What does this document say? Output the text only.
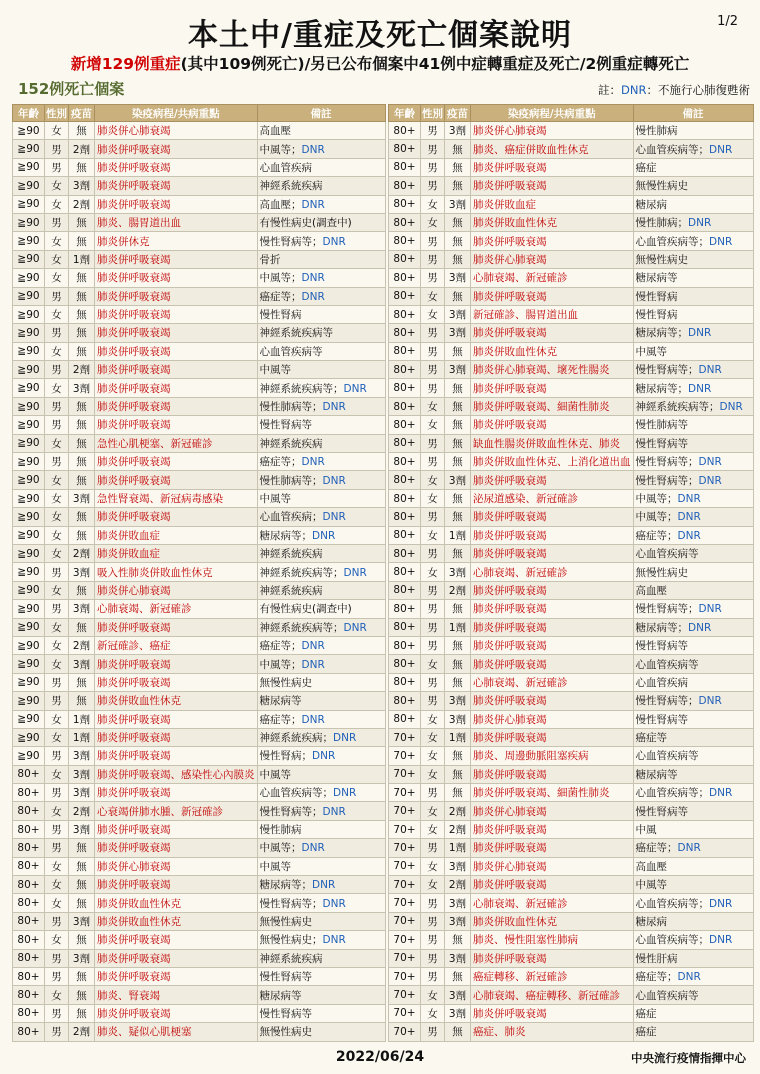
1/2
本土中/重症及死亡個案說明
新增129例重症(其中109例死亡)/另已公布個案中41例中症轉重症及死亡/2例重症轉死亡
152例死亡個案	註：DNR：不施行心肺復甦術
年齡	性別	疫苗	染疫病程/共病重點	備註
≧90	女	無	肺炎併心肺衰竭	高血壓
≧90	男	2劑	肺炎併呼吸衰竭	中風等；DNR
≧90	男	無	肺炎併呼吸衰竭	心血管疾病
≧90	女	3劑	肺炎併呼吸衰竭	神經系統疾病
≧90	女	2劑	肺炎併呼吸衰竭	高血壓；DNR
≧90	男	無	肺炎、腸胃道出血	有慢性病史(調查中)
≧90	女	無	肺炎併休克	慢性腎病等；DNR
≧90	女	1劑	肺炎併呼吸衰竭	骨折
≧90	女	無	肺炎併呼吸衰竭	中風等；DNR
≧90	男	無	肺炎併呼吸衰竭	癌症等；DNR
≧90	女	無	肺炎併呼吸衰竭	慢性腎病
≧90	男	無	肺炎併呼吸衰竭	神經系統疾病等
≧90	女	無	肺炎併呼吸衰竭	心血管疾病等
≧90	男	2劑	肺炎併呼吸衰竭	中風等
≧90	女	3劑	肺炎併呼吸衰竭	神經系統疾病等；DNR
≧90	男	無	肺炎併呼吸衰竭	慢性肺病等；DNR
≧90	男	無	肺炎併呼吸衰竭	慢性腎病等
≧90	女	無	急性心肌梗塞、新冠確診	神經系統疾病
≧90	男	無	肺炎併呼吸衰竭	癌症等；DNR
≧90	女	無	肺炎併呼吸衰竭	慢性肺病等；DNR
≧90	女	3劑	急性腎衰竭、新冠病毒感染	中風等
≧90	女	無	肺炎併呼吸衰竭	心血管疾病；DNR
≧90	女	無	肺炎併敗血症	糖尿病等；DNR
≧90	女	2劑	肺炎併敗血症	神經系統疾病
≧90	男	3劑	吸入性肺炎併敗血性休克	神經系統疾病等；DNR
≧90	女	無	肺炎併心肺衰竭	神經系統疾病
≧90	男	3劑	心肺衰竭、新冠確診	有慢性病史(調查中)
≧90	女	無	肺炎併呼吸衰竭	神經系統疾病等；DNR
≧90	女	2劑	新冠確診、癌症	癌症等；DNR
≧90	女	3劑	肺炎併呼吸衰竭	中風等；DNR
≧90	男	無	肺炎併呼吸衰竭	無慢性病史
≧90	男	無	肺炎併敗血性休克	糖尿病等
≧90	女	1劑	肺炎併呼吸衰竭	癌症等；DNR
≧90	女	1劑	肺炎併呼吸衰竭	神經系統疾病；DNR
≧90	男	3劑	肺炎併呼吸衰竭	慢性腎病；DNR
80+	女	3劑	肺炎併呼吸衰竭、感染性心內膜炎	中風等
80+	男	3劑	肺炎併呼吸衰竭	心血管疾病等；DNR
80+	女	2劑	心衰竭併肺水腫、新冠確診	慢性腎病等；DNR
80+	男	3劑	肺炎併呼吸衰竭	慢性肺病
80+	男	無	肺炎併呼吸衰竭	中風等；DNR
80+	女	無	肺炎併心肺衰竭	中風等
80+	女	無	肺炎併呼吸衰竭	糖尿病等；DNR
80+	女	無	肺炎併敗血性休克	慢性腎病等；DNR
80+	男	3劑	肺炎併敗血性休克	無慢性病史
80+	女	無	肺炎併呼吸衰竭	無慢性病史；DNR
80+	男	3劑	肺炎併呼吸衰竭	神經系統疾病
80+	男	無	肺炎併呼吸衰竭	慢性腎病等
80+	女	無	肺炎、腎衰竭	糖尿病等
80+	男	無	肺炎併呼吸衰竭	慢性腎病等
80+	男	2劑	肺炎、疑似心肌梗塞	無慢性病史
年齡	性別	疫苗	染疫病程/共病重點	備註
80+	男	3劑	肺炎併心肺衰竭	慢性肺病
80+	男	無	肺炎、癌症併敗血性休克	心血管疾病等；DNR
80+	男	無	肺炎併呼吸衰竭	癌症
80+	男	無	肺炎併呼吸衰竭	無慢性病史
80+	女	3劑	肺炎併敗血症	糖尿病
80+	女	無	肺炎併敗血性休克	慢性肺病；DNR
80+	男	無	肺炎併呼吸衰竭	心血管疾病等；DNR
80+	男	無	肺炎併心肺衰竭	無慢性病史
80+	男	3劑	心肺衰竭、新冠確診	糖尿病等
80+	女	無	肺炎併呼吸衰竭	慢性腎病
80+	女	3劑	新冠確診、腸胃道出血	慢性腎病
80+	男	3劑	肺炎併呼吸衰竭	糖尿病等；DNR
80+	男	無	肺炎併敗血性休克	中風等
80+	男	3劑	肺炎併心肺衰竭、壞死性腸炎	慢性腎病等；DNR
80+	男	無	肺炎併呼吸衰竭	糖尿病等；DNR
80+	女	無	肺炎併呼吸衰竭、細菌性肺炎	神經系統疾病等；DNR
80+	女	無	肺炎併呼吸衰竭	慢性肺病等
80+	男	無	缺血性腸炎併敗血性休克、肺炎	慢性腎病等
80+	男	無	肺炎併敗血性休克、上消化道出血	慢性腎病等；DNR
80+	女	3劑	肺炎併呼吸衰竭	慢性腎病等；DNR
80+	女	無	泌尿道感染、新冠確診	中風等；DNR
80+	男	無	肺炎併呼吸衰竭	中風等；DNR
80+	女	1劑	肺炎併呼吸衰竭	癌症等；DNR
80+	男	無	肺炎併呼吸衰竭	心血管疾病等
80+	女	3劑	心肺衰竭、新冠確診	無慢性病史
80+	男	2劑	肺炎併呼吸衰竭	高血壓
80+	男	無	肺炎併呼吸衰竭	慢性腎病等；DNR
80+	男	1劑	肺炎併呼吸衰竭	糖尿病等；DNR
80+	男	無	肺炎併呼吸衰竭	慢性腎病等
80+	女	無	肺炎併呼吸衰竭	心血管疾病等
80+	男	無	心肺衰竭、新冠確診	心血管疾病
80+	男	3劑	肺炎併呼吸衰竭	慢性腎病等；DNR
80+	女	3劑	肺炎併心肺衰竭	慢性腎病等
70+	女	1劑	肺炎併呼吸衰竭	癌症等
70+	女	無	肺炎、周邊動脈阻塞疾病	心血管疾病等
70+	女	無	肺炎併呼吸衰竭	糖尿病等
70+	男	無	肺炎併呼吸衰竭、細菌性肺炎	心血管疾病等；DNR
70+	女	2劑	肺炎併心肺衰竭	慢性腎病等
70+	女	2劑	肺炎併呼吸衰竭	中風
70+	男	1劑	肺炎併呼吸衰竭	癌症等；DNR
70+	女	3劑	肺炎併心肺衰竭	高血壓
70+	女	2劑	肺炎併呼吸衰竭	中風等
70+	男	3劑	心肺衰竭、新冠確診	心血管疾病等；DNR
70+	男	3劑	肺炎併敗血性休克	糖尿病
70+	男	無	肺炎、慢性阻塞性肺病	心血管疾病等；DNR
70+	男	3劑	肺炎併呼吸衰竭	慢性肝病
70+	男	無	癌症轉移、新冠確診	癌症等；DNR
70+	女	3劑	心肺衰竭、癌症轉移、新冠確診	心血管疾病等
70+	女	3劑	肺炎併呼吸衰竭	癌症
70+	男	無	癌症、肺炎	癌症
2022/06/24	中央流行疫情指揮中心
